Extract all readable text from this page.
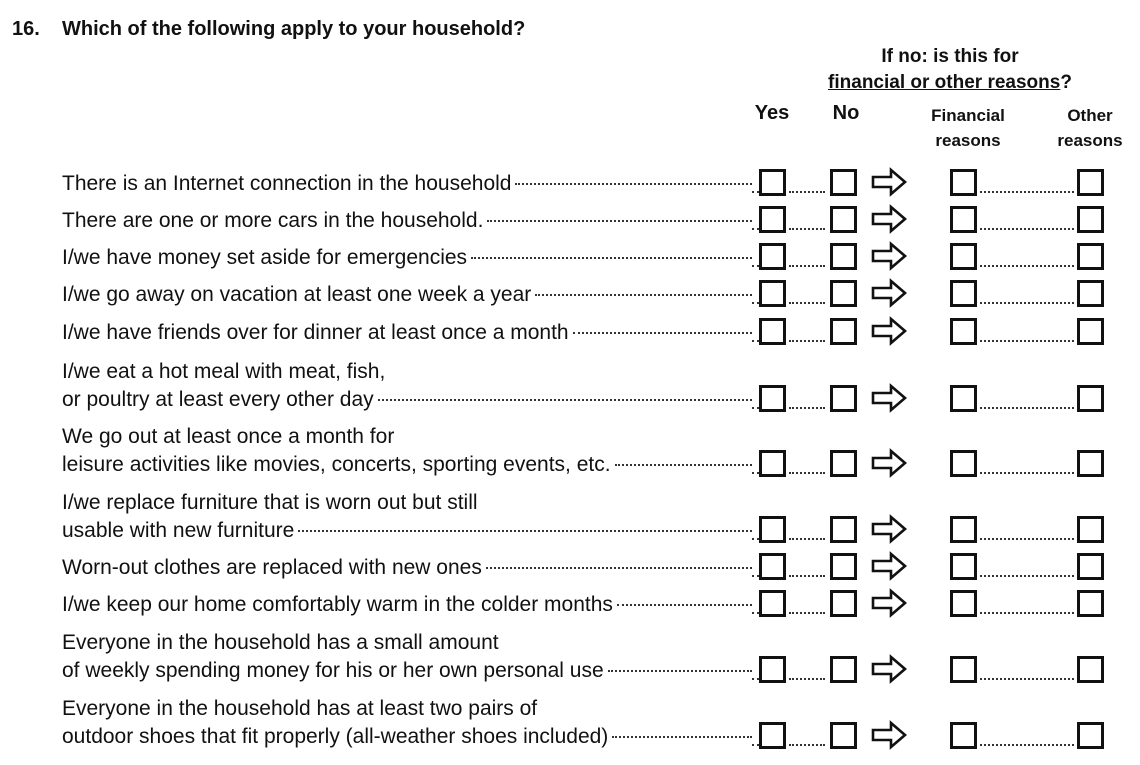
16. Which of the following apply to your household?
If no: is this for
financial or other reasons?
Yes	No	Financial
reasons
Other
reasons
There is an Internet connection in the household
There are one or more cars in the household.
I/we have money set aside for emergencies
I/we go away on vacation at least one week a year
I/we have friends over for dinner at least once a month
I/we eat a hot meal with meat, fish,
or poultry at least every other day
We go out at least once a month for
leisure activities like movies, concerts, sporting events, etc.
I/we replace furniture that is worn out but still
usable with new furniture
Worn-out clothes are replaced with new ones
I/we keep our home comfortably warm in the colder months
Everyone in the household has a small amount
of weekly spending money for his or her own personal use
Everyone in the household has at least two pairs of
outdoor shoes that fit properly (all-weather shoes included)
